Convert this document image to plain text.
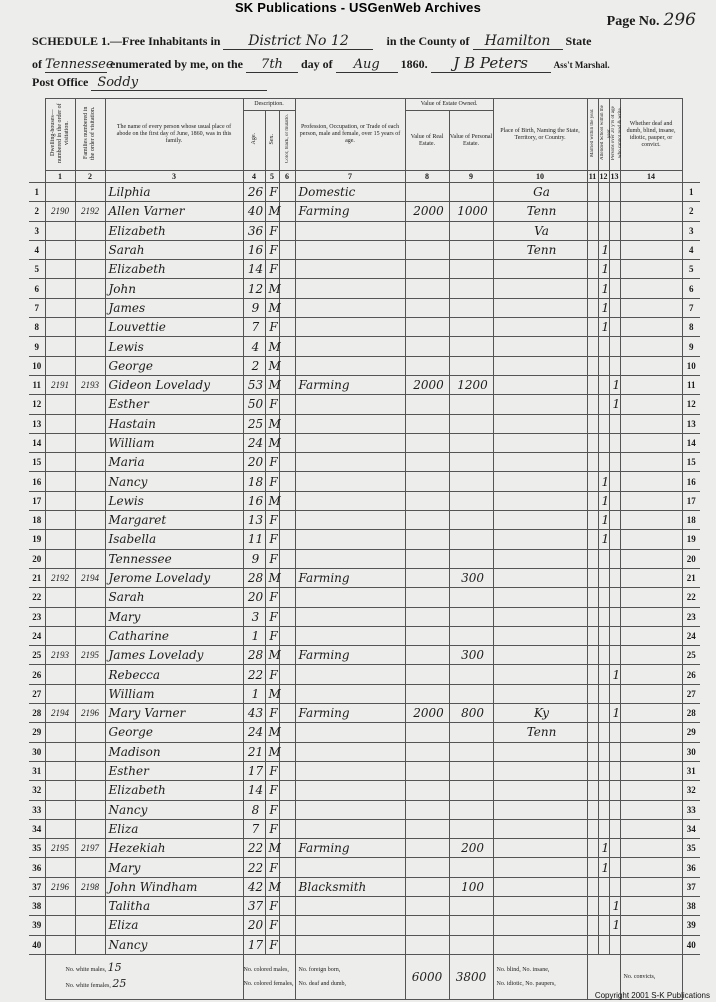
SK Publications - USGenWeb Archives
Page No. 296
SCHEDULE 1.—Free Inhabitants in District No 12	in the County of Hamilton State
of Tennessee enumerated by me, on the 7th day of Aug 1860. J B Peters	Ass't Marshal.
Post Office Soddy
	Dwelling-houses— numbered in the order of visitation.	Families numbered in the order of visitation.	The name of every person whose usual place of abode on the first day of June, 1860, was in this family.	Description.			Profession, Occupation, or Trade of each person, male and female, over 15 years of age.	Value of Estate Owned.		Place of Birth, Naming the State, Territory, or Country.	Married within the year.	Attended School within the year.	Persons over 20 y'rs of age who cannot read & write.	Whether deaf and dumb, blind, insane, idiotic, pauper, or convict.	
				Age.	Sex.	Color, black, or mulatto.		Value of Real Estate.	Value of Personal Estate.						
	1	2	3	4	5	6	7	8	9	10	11	12	13	14	
1			Lilphia	26	F		Domestic			Ga					1
2	2190	2192	Allen Varner	40	M		Farming	2000	1000	Tenn					2
3			Elizabeth	36	F					Va					3
4			Sarah	16	F					Tenn		1			4
5			Elizabeth	14	F							1			5
6			John	12	M							1			6
7			James	9	M							1			7
8			Louvettie	7	F							1			8
9			Lewis	4	M										9
10			George	2	M										10
11	2191	2193	Gideon Lovelady	53	M		Farming	2000	1200				1		11
12			Esther	50	F								1		12
13			Hastain	25	M										13
14			William	24	M										14
15			Maria	20	F										15
16			Nancy	18	F							1			16
17			Lewis	16	M							1			17
18			Margaret	13	F							1			18
19			Isabella	11	F							1			19
20			Tennessee	9	F										20
21	2192	2194	Jerome Lovelady	28	M		Farming		300						21
22			Sarah	20	F										22
23			Mary	3	F										23
24			Catharine	1	F										24
25	2193	2195	James Lovelady	28	M		Farming		300						25
26			Rebecca	22	F								1		26
27			William	1	M										27
28	2194	2196	Mary Varner	43	F		Farming	2000	800	Ky			1		28
29			George	24	M					Tenn					29
30			Madison	21	M										30
31			Esther	17	F										31
32			Elizabeth	14	F										32
33			Nancy	8	F										33
34			Eliza	7	F										34
35	2195	2197	Hezekiah	22	M		Farming		200			1			35
36			Mary	22	F							1			36
37	2196	2198	John Windham	42	M		Blacksmith		100						37
38			Talitha	37	F								1		38
39			Eliza	20	F								1		39
40			Nancy	17	F										40
	No. white males, 15
No. white females, 25			No. colored males,
No. colored females,			No. foreign born,
No. deaf and dumb,	6000	3800	No. blind, No. insane,
No. idiotic, No. paupers,				No. convicts,	
Copyright 2001 S-K Publications
